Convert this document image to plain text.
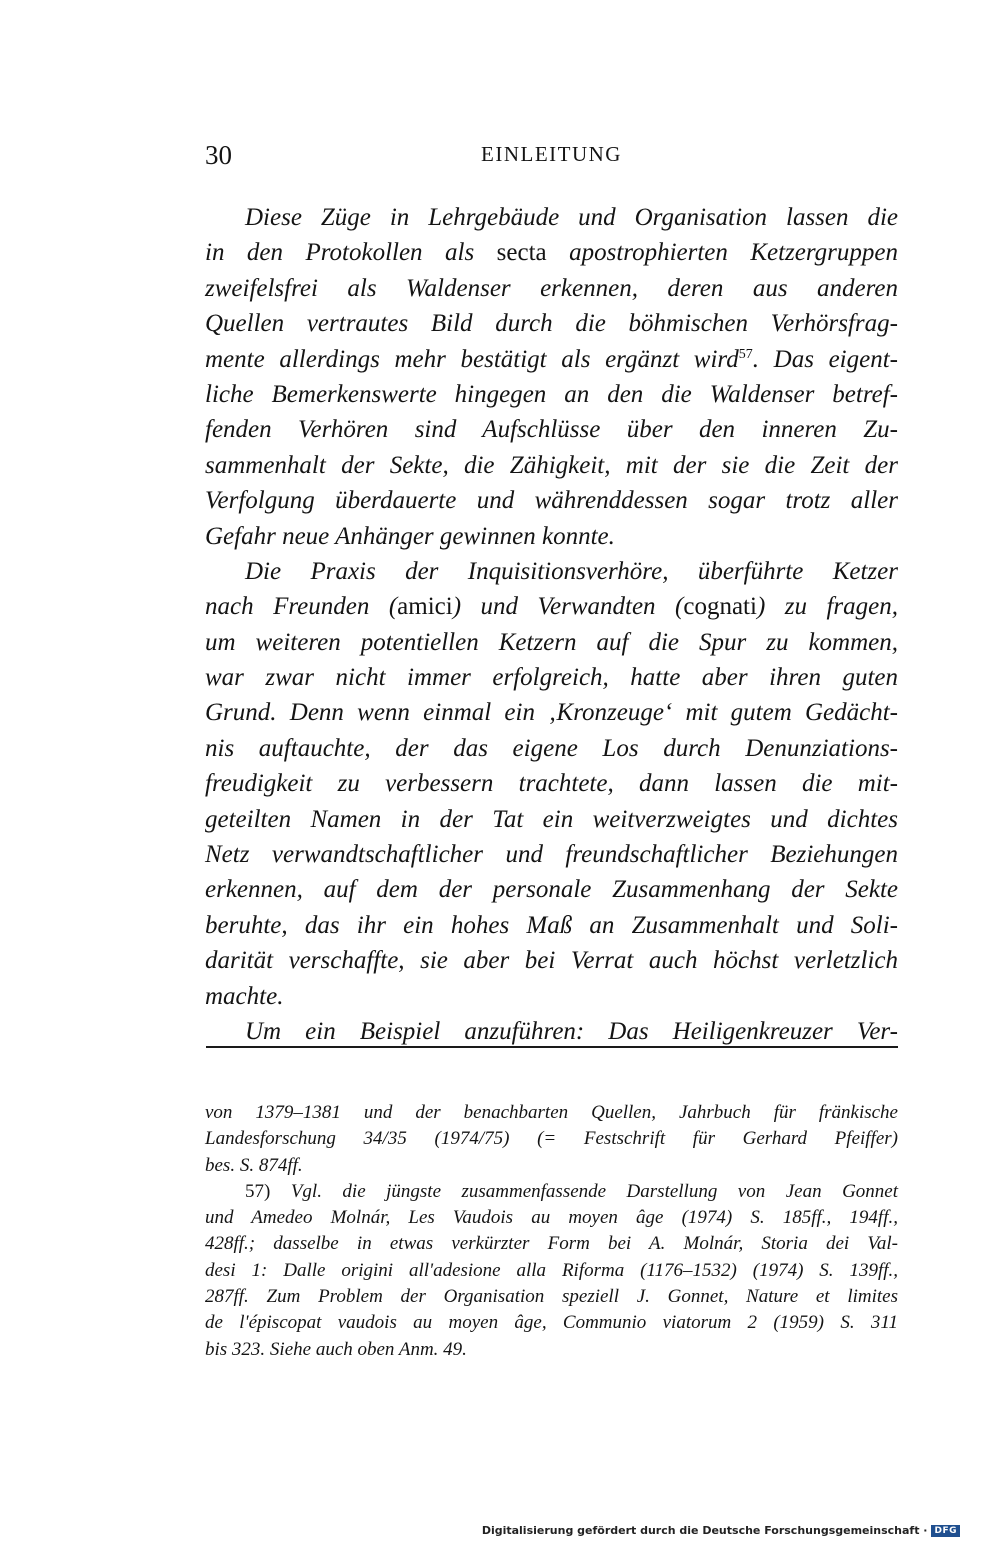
30	EINLEITUNG
Diese Züge in Lehrgebäude und Organisation lassen die
in den Protokollen als secta apostrophierten Ketzergruppen
zweifelsfrei als Waldenser erkennen, deren aus anderen
Quellen vertrautes Bild durch die böhmischen Verhörsfrag-
mente allerdings mehr bestätigt als ergänzt wird$^{57}$. Das eigent-
liche Bemerkenswerte hingegen an den die Waldenser betref-
fenden Verhören sind Aufschlüsse über den inneren Zu-
sammenhalt der Sekte, die Zähigkeit, mit der sie die Zeit der
Verfolgung überdauerte und währenddessen sogar trotz aller
Gefahr neue Anhänger gewinnen konnte.
Die Praxis der Inquisitionsverhöre, überführte Ketzer
nach Freunden (amici) und Verwandten (cognati) zu fragen,
um weiteren potentiellen Ketzern auf die Spur zu kommen,
war zwar nicht immer erfolgreich, hatte aber ihren guten
Grund. Denn wenn einmal ein ‚Kronzeuge‘ mit gutem Gedächt-
nis auftauchte, der das eigene Los durch Denunziations-
freudigkeit zu verbessern trachtete, dann lassen die mit-
geteilten Namen in der Tat ein weitverzweigtes und dichtes
Netz verwandtschaftlicher und freundschaftlicher Beziehungen
erkennen, auf dem der personale Zusammenhang der Sekte
beruhte, das ihr ein hohes Maß an Zusammenhalt und Soli-
darität verschaffte, sie aber bei Verrat auch höchst verletzlich
machte.
Um ein Beispiel anzuführen: Das Heiligenkreuzer Ver-
von 1379–1381 und der benachbarten Quellen, Jahrbuch für fränkische
Landesforschung 34/35 (1974/75) (= Festschrift für Gerhard Pfeiffer)
bes. S. 874ff.
57) Vgl. die jüngste zusammenfassende Darstellung von Jean Gonnet
und Amedeo Molnár, Les Vaudois au moyen âge (1974) S. 185ff., 194ff.,
428ff.; dasselbe in etwas verkürzter Form bei A. Molnár, Storia dei Val-
desi 1: Dalle origini all'adesione alla Riforma (1176–1532) (1974) S. 139ff.,
287ff. Zum Problem der Organisation speziell J. Gonnet, Nature et limites
de l'épiscopat vaudois au moyen âge, Communio viatorum 2 (1959) S. 311
bis 323. Siehe auch oben Anm. 49.
Digitalisierung gefördert durch die Deutsche Forschungsgemeinschaft · DFG
